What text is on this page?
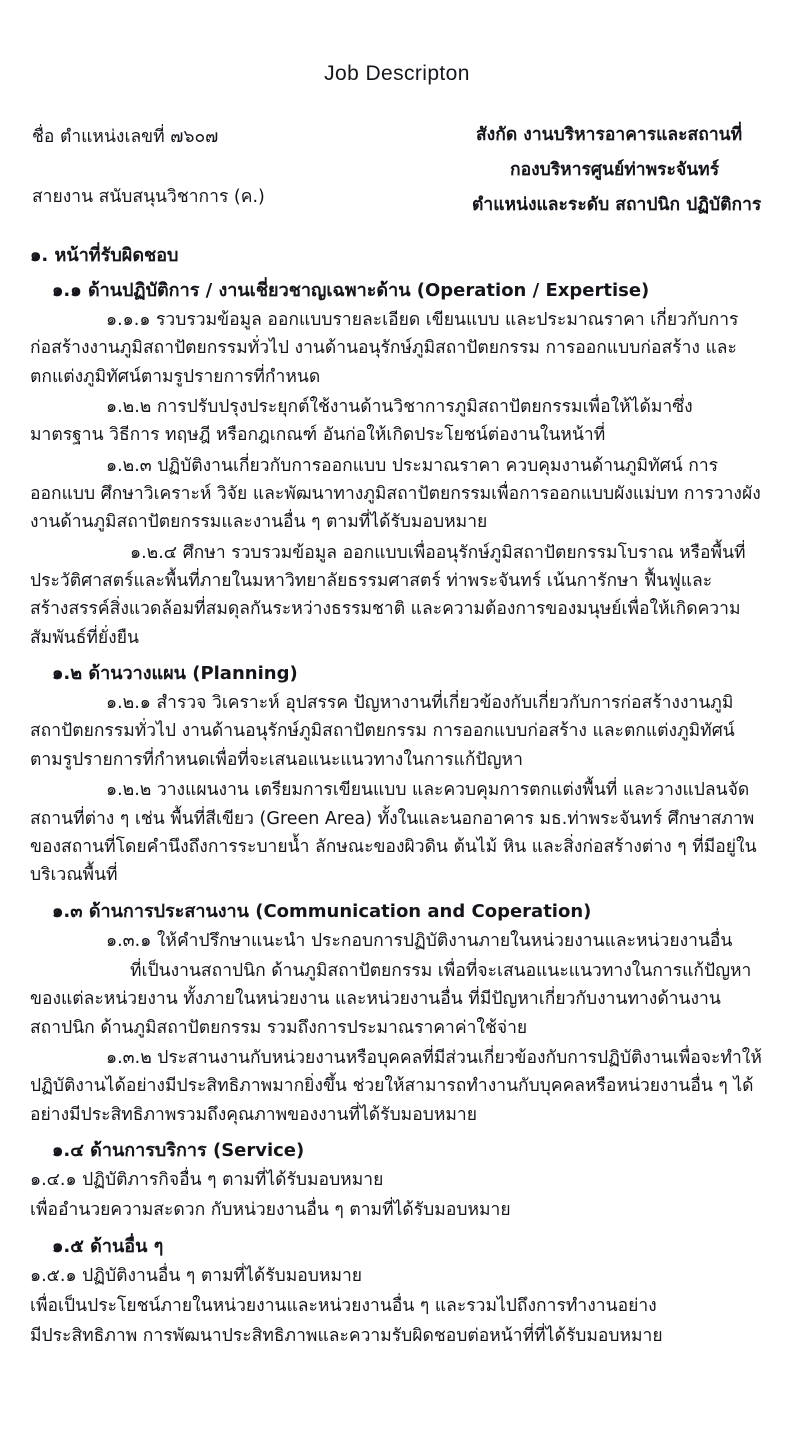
Job Descripton
ชื่อ ตำแหน่งเลขที่ ๗๖๐๗
สายงาน สนับสนุนวิชาการ (ค.)
สังกัด งานบริหารอาคารและสถานที่
กองบริหารศูนย์ท่าพระจันทร์
ตำแหน่งและระดับ สถาปนิก ปฏิบัติการ
๑. หน้าที่รับผิดชอบ
๑.๑ ด้านปฏิบัติการ / งานเชี่ยวชาญเฉพาะด้าน (Operation / Expertise)

๑.๑.๑ รวบรวมข้อมูล ออกแบบรายละเอียด เขียนแบบ และประมาณราคา เกี่ยวกับการก่อสร้างงานภูมิสถาปัตยกรรมทั่วไป งานด้านอนุรักษ์ภูมิสถาปัตยกรรม การออกแบบก่อสร้าง และตกแต่งภูมิทัศน์ตามรูปรายการที่กำหนด

๑.๒.๒ การปรับปรุงประยุกต์ใช้งานด้านวิชาการภูมิสถาปัตยกรรมเพื่อให้ได้มาซึ่งมาตรฐาน วิธีการ ทฤษฎี หรือกฎเกณฑ์ อันก่อให้เกิดประโยชน์ต่องานในหน้าที่

๑.๒.๓ ปฏิบัติงานเกี่ยวกับการออกแบบ ประมาณราคา ควบคุมงานด้านภูมิทัศน์ การออกแบบ ศึกษาวิเคราะห์ วิจัย และพัฒนาทางภูมิสถาปัตยกรรมเพื่อการออกแบบผังแม่บท การวางผัง งานด้านภูมิสถาปัตยกรรมและงานอื่น ๆ ตามที่ได้รับมอบหมาย

๑.๒.๔ ศึกษา รวบรวมข้อมูล ออกแบบเพื่ออนุรักษ์ภูมิสถาปัตยกรรมโบราณ หรือพื้นที่ประวัติศาสตร์และพื้นที่ภายในมหาวิทยาลัยธรรมศาสตร์ ท่าพระจันทร์ เน้นการักษา ฟื้นฟูและสร้างสรรค์สิ่งแวดล้อมที่สมดุลกันระหว่างธรรมชาติ และความต้องการของมนุษย์เพื่อให้เกิดความสัมพันธ์ที่ยั่งยืน

๑.๒ ด้านวางแผน (Planning)

๑.๒.๑ สำรวจ วิเคราะห์ อุปสรรค ปัญหางานที่เกี่ยวข้องกับเกี่ยวกับการก่อสร้างงานภูมิสถาปัตยกรรมทั่วไป งานด้านอนุรักษ์ภูมิสถาปัตยกรรม การออกแบบก่อสร้าง และตกแต่งภูมิทัศน์ตามรูปรายการที่กำหนดเพื่อที่จะเสนอแนะแนวทางในการแก้ปัญหา

๑.๒.๒ วางแผนงาน เตรียมการเขียนแบบ และควบคุมการตกแต่งพื้นที่ และวางแปลนจัดสถานที่ต่าง ๆ เช่น พื้นที่สีเขียว (Green Area) ทั้งในและนอกอาคาร มธ.ท่าพระจันทร์ ศึกษาสภาพของสถานที่โดยคำนึงถึงการระบายน้ำ ลักษณะของผิวดิน ต้นไม้ หิน และสิ่งก่อสร้างต่าง ๆ ที่มีอยู่ในบริเวณพื้นที่

๑.๓ ด้านการประสานงาน (Communication and Coperation)

๑.๓.๑ ให้คำปรึกษาแนะนำ ประกอบการปฏิบัติงานภายในหน่วยงานและหน่วยงานอื่น

ที่เป็นงานสถาปนิก ด้านภูมิสถาปัตยกรรม เพื่อที่จะเสนอแนะแนวทางในการแก้ปัญหาของแต่ละหน่วยงาน ทั้งภายในหน่วยงาน และหน่วยงานอื่น ที่มีปัญหาเกี่ยวกับงานทางด้านงานสถาปนิก ด้านภูมิสถาปัตยกรรม รวมถึงการประมาณราคาค่าใช้จ่าย

๑.๓.๒ ประสานงานกับหน่วยงานหรือบุคคลที่มีส่วนเกี่ยวข้องกับการปฏิบัติงานเพื่อจะทำให้ปฏิบัติงานได้อย่างมีประสิทธิภาพมากยิ่งขึ้น ช่วยให้สามารถทำงานกับบุคคลหรือหน่วยงานอื่น ๆ ได้อย่างมีประสิทธิภาพรวมถึงคุณภาพของงานที่ได้รับมอบหมาย

๑.๔ ด้านการบริการ (Service)

๑.๔.๑ ปฏิบัติภารกิจอื่น ๆ ตามที่ได้รับมอบหมาย

เพื่ออำนวยความสะดวก กับหน่วยงานอื่น ๆ ตามที่ได้รับมอบหมาย

๑.๕ ด้านอื่น ๆ

๑.๕.๑ ปฏิบัติงานอื่น ๆ ตามที่ได้รับมอบหมาย

เพื่อเป็นประโยชน์ภายในหน่วยงานและหน่วยงานอื่น ๆ และรวมไปถึงการทำงานอย่าง

มีประสิทธิภาพ การพัฒนาประสิทธิภาพและความรับผิดชอบต่อหน้าที่ที่ได้รับมอบหมาย
